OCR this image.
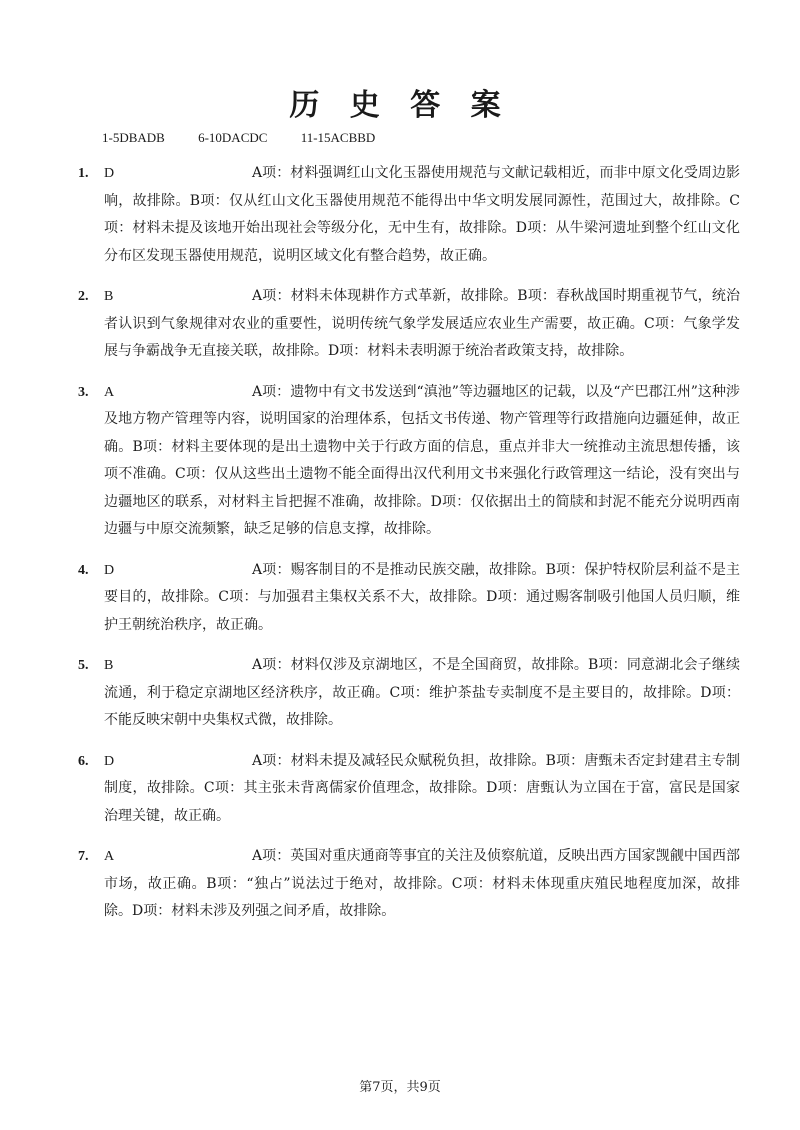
历 史 答 案
1-5DBADB	6-10DACDC	11-15ACBBD
1. D	A项：材料强调红山文化玉器使用规范与文献记载相近，而非中原文化受周边影响，故排除。B项：仅从红山文化玉器使用规范不能得出中华文明发展同源性，范围过大，故排除。C项：材料未提及该地开始出现社会等级分化，无中生有，故排除。D项：从牛梁河遗址到整个红山文化分布区发现玉器使用规范，说明区域文化有整合趋势，故正确。
2. B	A项：材料未体现耕作方式革新，故排除。B项：春秋战国时期重视节气，统治者认识到气象规律对农业的重要性，说明传统气象学发展适应农业生产需要，故正确。C项：气象学发展与争霸战争无直接关联，故排除。D项：材料未表明源于统治者政策支持，故排除。
3. A	A项：遗物中有文书发送到“滇池”等边疆地区的记载，以及“产巴郡江州”这种涉及地方物产管理等内容，说明国家的治理体系，包括文书传递、物产管理等行政措施向边疆延伸，故正确。B项：材料主要体现的是出土遗物中关于行政方面的信息，重点并非大一统推动主流思想传播，该项不准确。C项：仅从这些出土遗物不能全面得出汉代利用文书来强化行政管理这一结论，没有突出与边疆地区的联系，对材料主旨把握不准确，故排除。D项：仅依据出土的简牍和封泥不能充分说明西南边疆与中原交流频繁，缺乏足够的信息支撑，故排除。
4. D	A项：赐客制目的不是推动民族交融，故排除。B项：保护特权阶层利益不是主要目的，故排除。C项：与加强君主集权关系不大，故排除。D项：通过赐客制吸引他国人员归顺，维护王朝统治秩序，故正确。
5. B	A项：材料仅涉及京湖地区，不是全国商贸，故排除。B项：同意湖北会子继续流通，利于稳定京湖地区经济秩序，故正确。C项：维护茶盐专卖制度不是主要目的，故排除。D项：不能反映宋朝中央集权式微，故排除。
6. D	A项：材料未提及减轻民众赋税负担，故排除。B项：唐甄未否定封建君主专制制度，故排除。C项：其主张未背离儒家价值理念，故排除。D项：唐甄认为立国在于富，富民是国家治理关键，故正确。
7. A	A项：英国对重庆通商等事宜的关注及侦察航道，反映出西方国家觊觎中国西部市场，故正确。B项：“独占”说法过于绝对，故排除。C项：材料未体现重庆殖民地程度加深，故排除。D项：材料未涉及列强之间矛盾，故排除。
第7页，共9页
